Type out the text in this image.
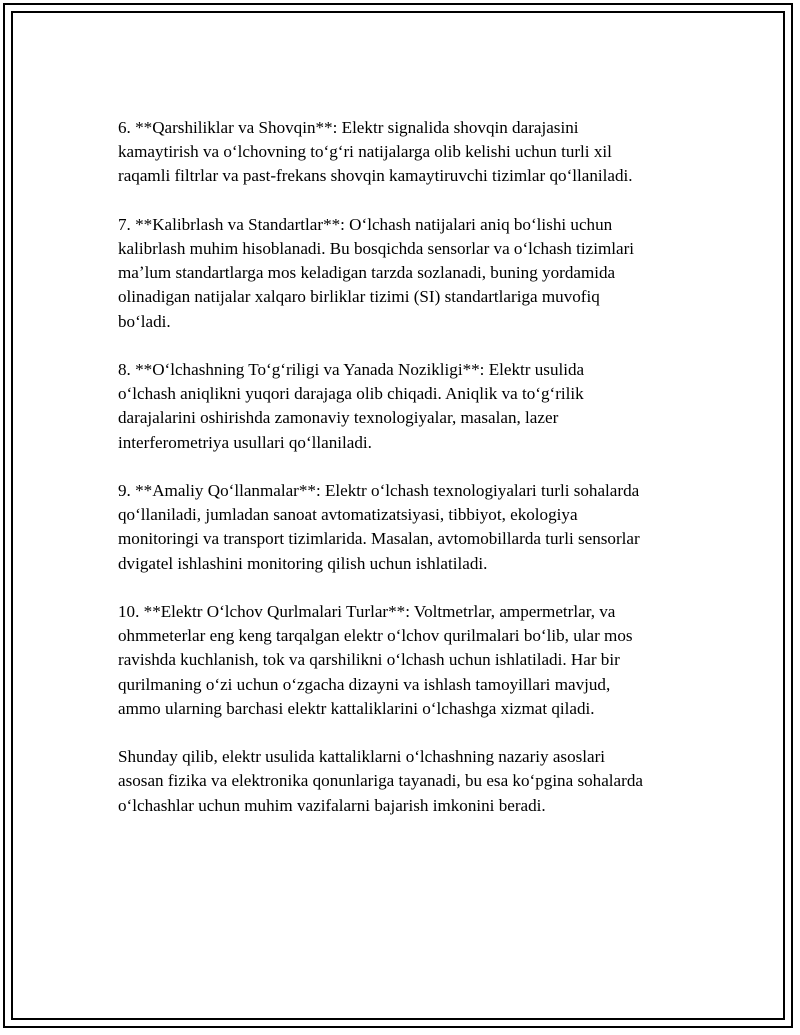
6. **Qarshiliklar va Shovqin**: Elektr signalida shovqin darajasini
kamaytirish va oʻlchovning toʻgʻri natijalarga olib kelishi uchun turli xil
raqamli filtrlar va past-frekans shovqin kamaytiruvchi tizimlar qoʻllaniladi.

7. **Kalibrlash va Standartlar**: Oʻlchash natijalari aniq boʻlishi uchun
kalibrlash muhim hisoblanadi. Bu bosqichda sensorlar va oʻlchash tizimlari
maʼlum standartlarga mos keladigan tarzda sozlanadi, buning yordamida
olinadigan natijalar xalqaro birliklar tizimi (SI) standartlariga muvofiq
boʻladi.

8. **Oʻlchashning Toʻgʻriligi va Yanada Nozikligi**: Elektr usulida
oʻlchash aniqlikni yuqori darajaga olib chiqadi. Aniqlik va toʻgʻrilik
darajalarini oshirishda zamonaviy texnologiyalar, masalan, lazer
interferometriya usullari qoʻllaniladi.

9. **Amaliy Qoʻllanmalar**: Elektr oʻlchash texnologiyalari turli sohalarda
qoʻllaniladi, jumladan sanoat avtomatizatsiyasi, tibbiyot, ekologiya
monitoringi va transport tizimlarida. Masalan, avtomobillarda turli sensorlar
dvigatel ishlashini monitoring qilish uchun ishlatiladi.

10. **Elektr Oʻlchov Qurlmalari Turlar**: Voltmetrlar, ampermetrlar, va
ohmmeterlar eng keng tarqalgan elektr oʻlchov qurilmalari boʻlib, ular mos
ravishda kuchlanish, tok va qarshilikni oʻlchash uchun ishlatiladi. Har bir
qurilmaning oʻzi uchun oʻzgacha dizayni va ishlash tamoyillari mavjud,
ammo ularning barchasi elektr kattaliklarini oʻlchashga xizmat qiladi.

Shunday qilib, elektr usulida kattaliklarni oʻlchashning nazariy asoslari
asosan fizika va elektronika qonunlariga tayanadi, bu esa koʻpgina sohalarda
oʻlchashlar uchun muhim vazifalarni bajarish imkonini beradi.
